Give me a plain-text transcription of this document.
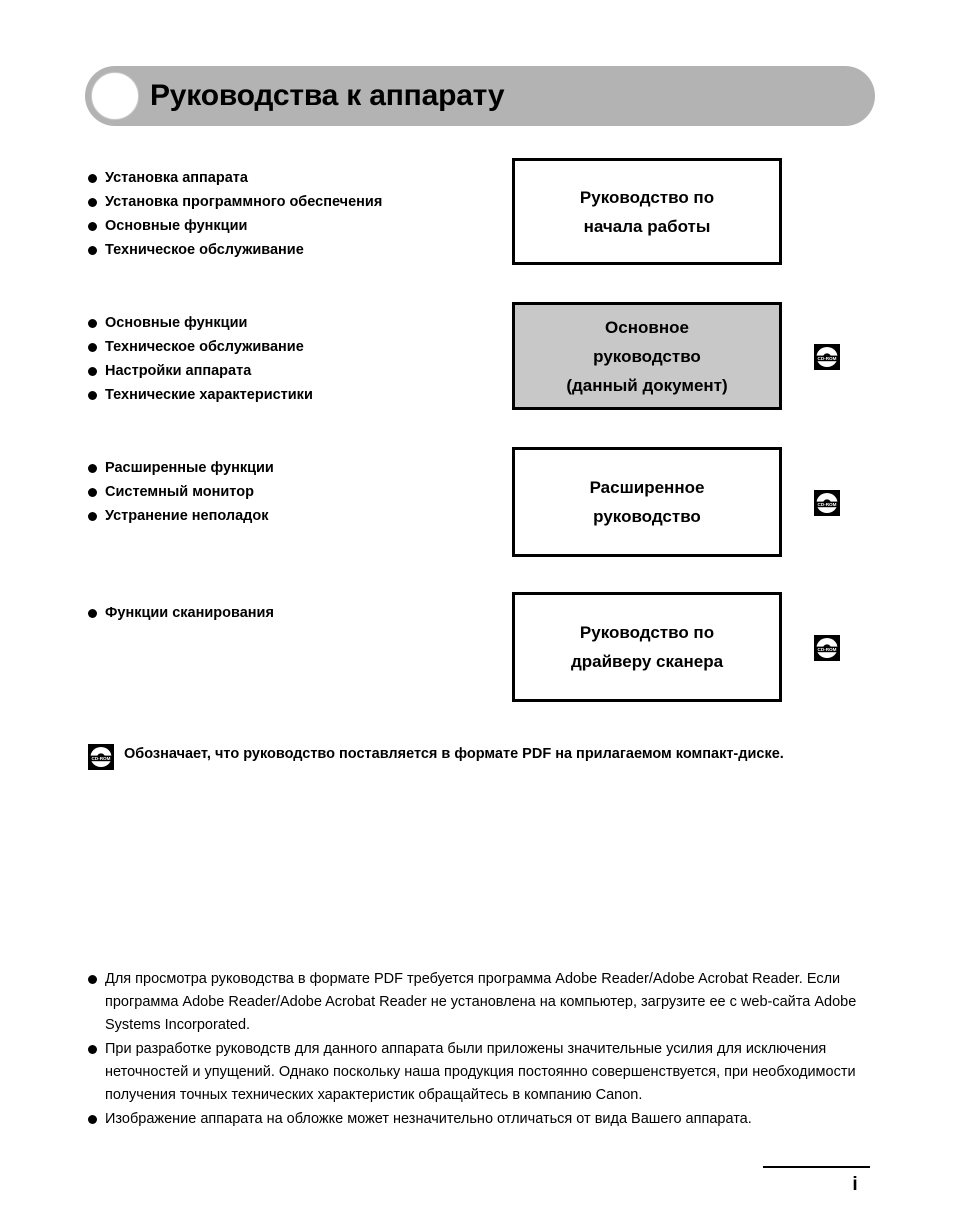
Руководства к аппарату
Установка аппарата
Установка программного обеспечения
Основные функции
Техническое обслуживание
Руководство по
начала работы
Основные функции
Техническое обслуживание
Настройки аппарата
Технические характеристики
Основное
руководство
(данный документ)
CD-ROM
Расширенные функции
Системный монитор
Устранение неполадок
Расширенное
руководство
CD-ROM
Функции сканирования
Руководство по
драйверу сканера
CD-ROM
CD-ROM Обозначает, что руководство поставляется в формате PDF на прилагаемом компакт-диске.
Для просмотра руководства в формате PDF требуется программа Adobe Reader/Adobe Acrobat Reader. Если программа Adobe Reader/Adobe Acrobat Reader не установлена на компьютер, загрузите ее с web-сайта Adobe Systems Incorporated.
При разработке руководств для данного аппарата были приложены значительные усилия для исключения неточностей и упущений. Однако поскольку наша продукция постоянно совершенствуется, при необходимости получения точных технических характеристик обращайтесь в компанию Canon.
Изображение аппарата на обложке может незначительно отличаться от вида Вашего аппарата.
i
